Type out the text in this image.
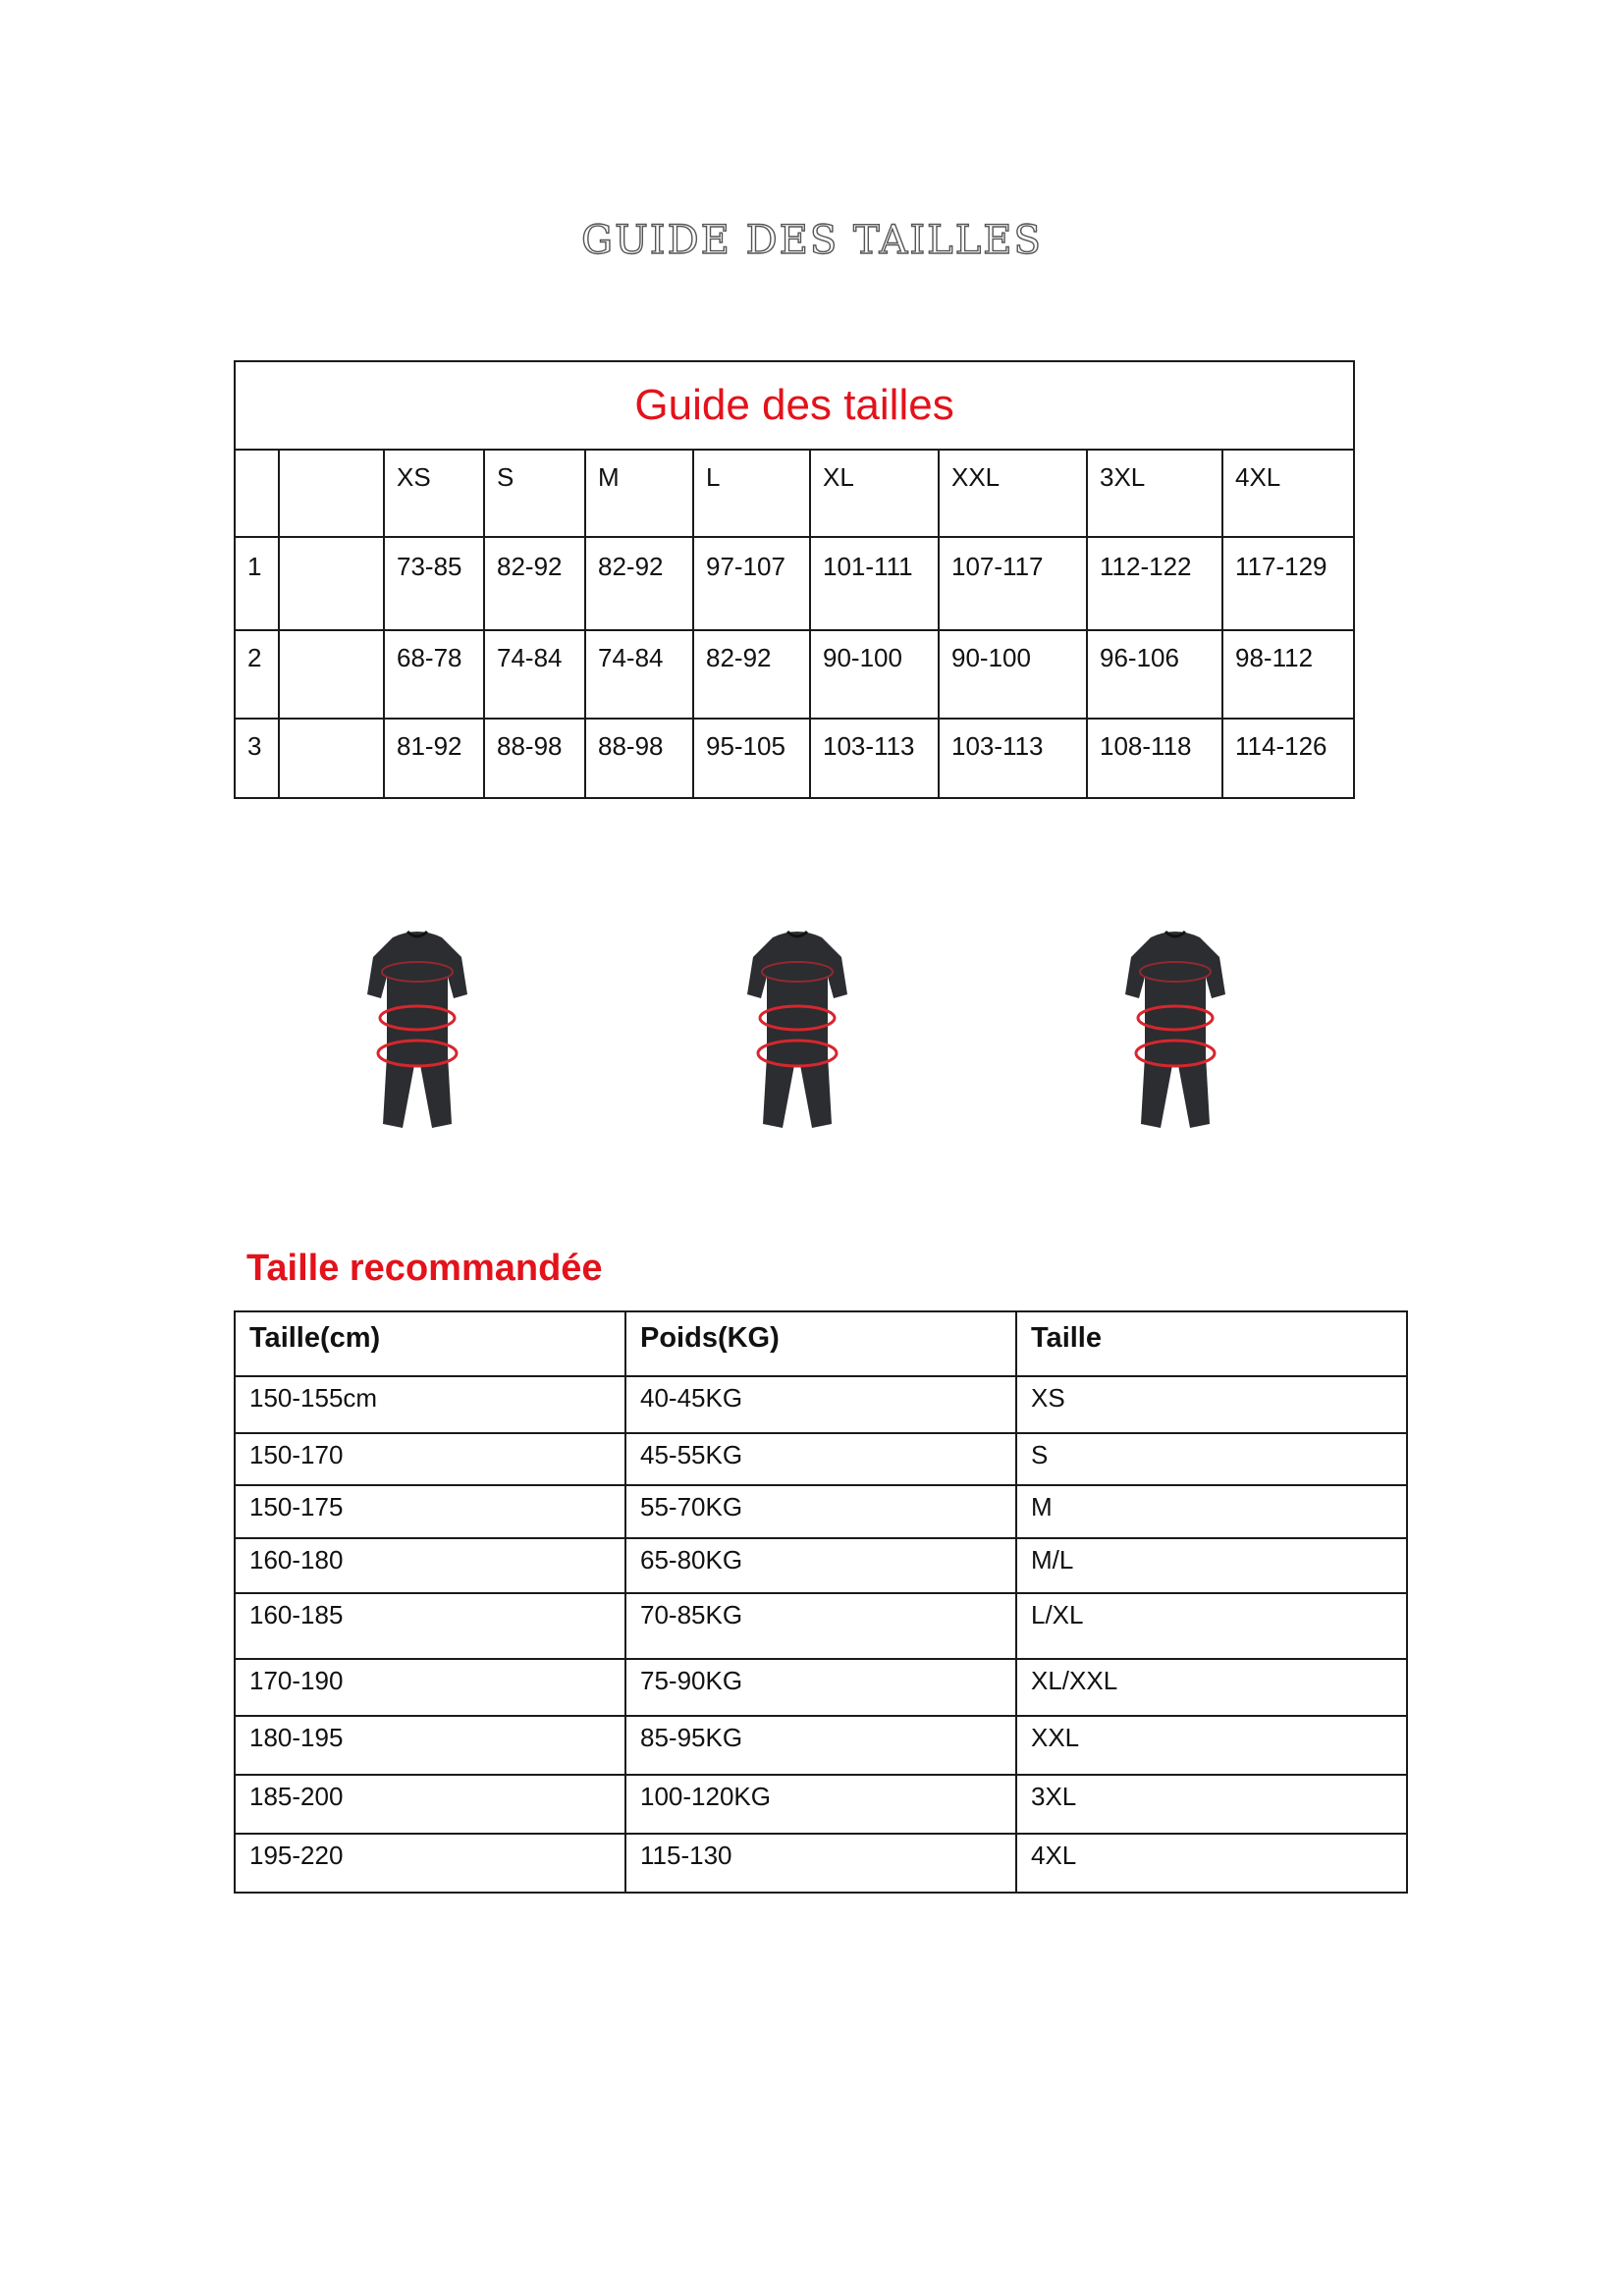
GUIDE DES TAILLES
Guide des tailles									
		XS	S	M	L	XL	XXL	3XL	4XL
1		73-85	82-92	82-92	97-107	101-111	107-117	112-122	117-129
2		68-78	74-84	74-84	82-92	90-100	90-100	96-106	98-112
3		81-92	88-98	88-98	95-105	103-113	103-113	108-118	114-126
Taille recommandée
Taille(cm)	Poids(KG)	Taille
150-155cm	40-45KG	XS
150-170	45-55KG	S
150-175	55-70KG	M
160-180	65-80KG	M/L
160-185	70-85KG	L/XL
170-190	75-90KG	XL/XXL
180-195	85-95KG	XXL
185-200	100-120KG	3XL
195-220	115-130	4XL
